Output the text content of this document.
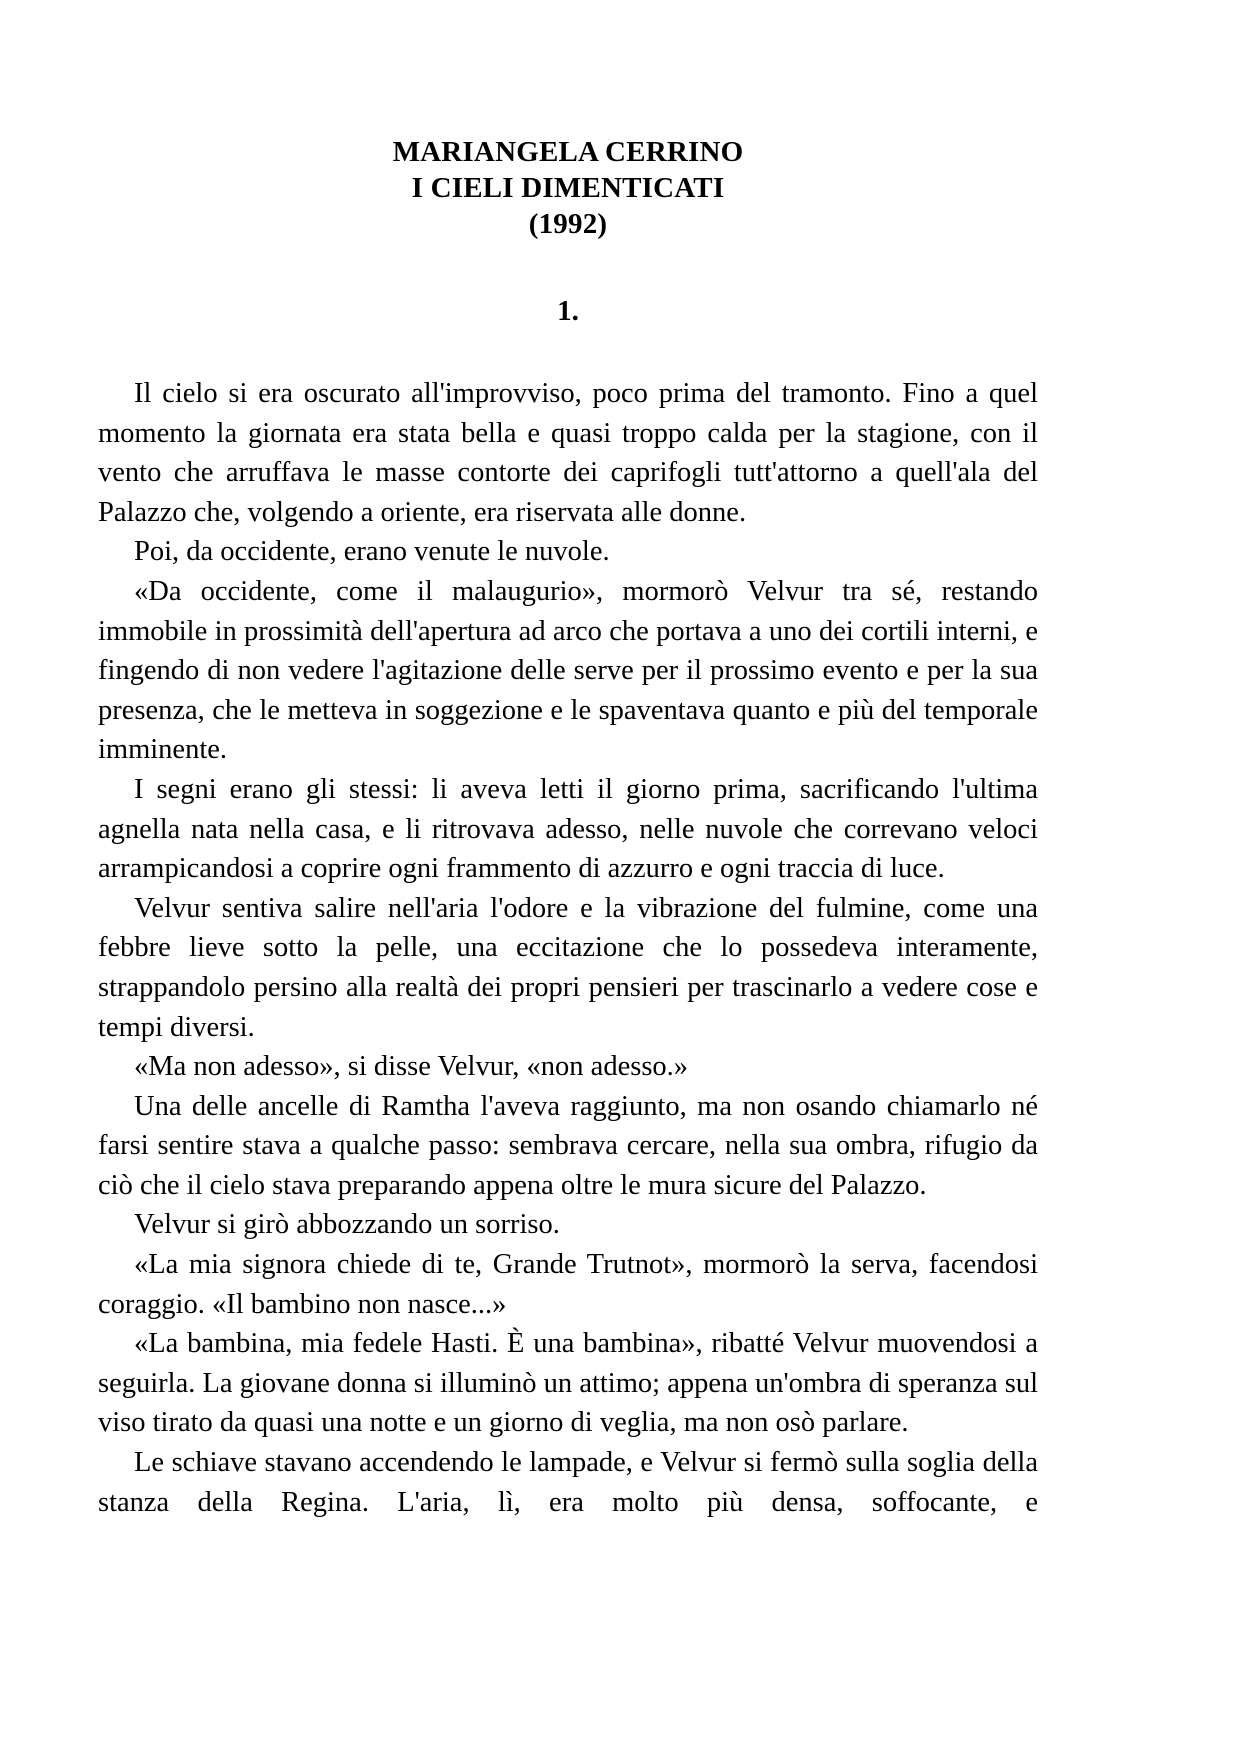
MARIANGELA CERRINO
I CIELI DIMENTICATI
(1992)
1.

Il cielo si era oscurato all'improvviso, poco prima del tramonto. Fino a quel momento la giornata era stata bella e quasi troppo calda per la stagione, con il vento che arruffava le masse contorte dei caprifogli tutt'attorno a quell'ala del Palazzo che, volgendo a oriente, era riservata alle donne.

Poi, da occidente, erano venute le nuvole.

«Da occidente, come il malaugurio», mormorò Velvur tra sé, restando immobile in prossimità dell'apertura ad arco che portava a uno dei cortili interni, e fingendo di non vedere l'agitazione delle serve per il prossimo evento e per la sua presenza, che le metteva in soggezione e le spaventava quanto e più del temporale imminente.

I segni erano gli stessi: li aveva letti il giorno prima, sacrificando l'ultima agnella nata nella casa, e li ritrovava adesso, nelle nuvole che correvano veloci arrampicandosi a coprire ogni frammento di azzurro e ogni traccia di luce.

Velvur sentiva salire nell'aria l'odore e la vibrazione del fulmine, come una febbre lieve sotto la pelle, una eccitazione che lo possedeva interamente, strappandolo persino alla realtà dei propri pensieri per trascinarlo a vedere cose e tempi diversi.

«Ma non adesso», si disse Velvur, «non adesso.»

Una delle ancelle di Ramtha l'aveva raggiunto, ma non osando chiamarlo né farsi sentire stava a qualche passo: sembrava cercare, nella sua ombra, rifugio da ciò che il cielo stava preparando appena oltre le mura sicure del Palazzo.

Velvur si girò abbozzando un sorriso.

«La mia signora chiede di te, Grande Trutnot», mormorò la serva, facendosi coraggio. «Il bambino non nasce...»

«La bambina, mia fedele Hasti. È una bambina», ribatté Velvur muovendosi a seguirla. La giovane donna si illuminò un attimo; appena un'ombra di speranza sul viso tirato da quasi una notte e un giorno di veglia, ma non osò parlare.

Le schiave stavano accendendo le lampade, e Velvur si fermò sulla soglia della stanza della Regina. L'aria, lì, era molto più densa, soffocante, e
